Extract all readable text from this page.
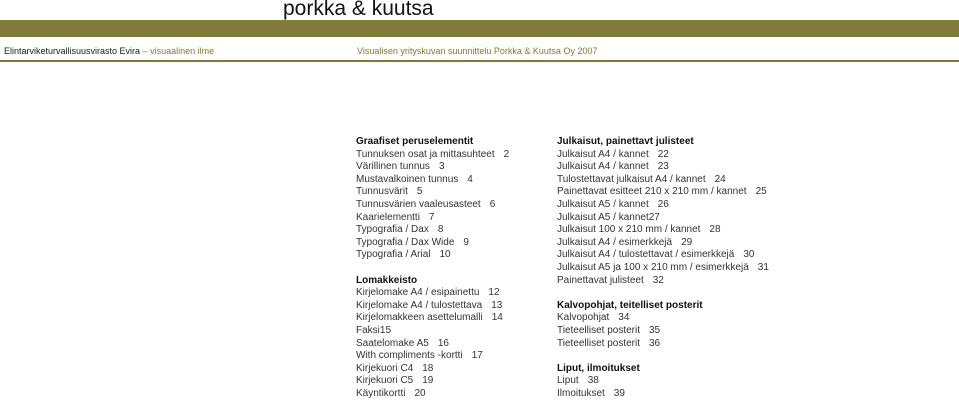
porkka & kuutsa
Elintarviketurvallisuusvirasto Evira – visuaalinen ilme	Visualisen yrityskuvan suunnittelu Porkka & Kuutsa Oy 2007
Graafiset peruselementit
Tunnuksen osat ja mittasuhteet 2
Värillinen tunnus 3
Mustavalkoinen tunnus 4
Tunnusvärit 5
Tunnusvärien vaaleusasteet 6
Kaarielementti 7
Typografia / Dax 8
Typografia / Dax Wide 9
Typografia / Arial 10
Lomakkeisto
Kirjelomake A4 / esipainettu 12
Kirjelomake A4 / tulostettava 13
Kirjelomakkeen asettelumalli 14
Faksi15
Saatelomake A5 16
With compliments -kortti 17
Kirjekuori C4 18
Kirjekuori C5 19
Käyntikortti 20
Julkaisut, painettavt julisteet
Julkaisut A4 / kannet 22
Julkaisut A4 / kannet 23
Tulostettavat julkaisut A4 / kannet 24
Painettavat esitteet 210 x 210 mm / kannet 25
Julkaisut A5 / kannet 26
Julkaisut A5 / kannet27
Julkaisut 100 x 210 mm / kannet 28
Julkaisut A4 / esimerkkejä 29
Julkaisut A4 / tulostettavat / esimerkkejä 30
Julkaisut A5 ja 100 x 210 mm / esimerkkejä 31
Painettavat julisteet 32
Kalvopohjat, teitelliset posterit
Kalvopohjat 34
Tieteelliset posterit 35
Tieteelliset posterit 36
Liput, ilmoitukset
Liput 38
Ilmoitukset 39
